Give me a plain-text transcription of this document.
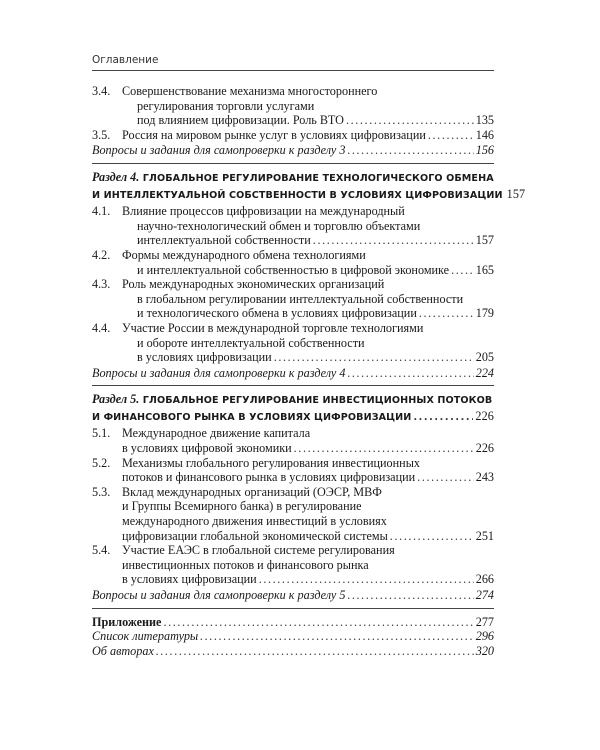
Оглавление
3.4. Совершенствование механизма многостороннего
регулирования торговли услугами
под влиянием цифровизации. Роль ВТО .....	135
3.5. Россия на мировом рынке услуг в условиях цифровизации .....	146
Вопросы и задания для самопроверки к разделу 3 .....	156
Раздел 4. ГЛОБАЛЬНОЕ РЕГУЛИРОВАНИЕ ТЕХНОЛОГИЧЕСКОГО ОБМЕНА
И ИНТЕЛЛЕКТУАЛЬНОЙ СОБСТВЕННОСТИ В УСЛОВИЯХ ЦИФРОВИЗАЦИИ 157
4.1. Влияние процессов цифровизации на международный
научно-технологический обмен и торговлю объектами
интеллектуальной собственности .....	157
4.2. Формы международного обмена технологиями
и интеллектуальной собственностью в цифровой экономике ..... 165
4.3. Роль международных экономических организаций
в глобальном регулировании интеллектуальной собственности
и технологического обмена в условиях цифровизации .....	179
4.4. Участие России в международной торговле технологиями
и обороте интеллектуальной собственности
в условиях цифровизации .....	205
Вопросы и задания для самопроверки к разделу 4 .....	224
Раздел 5. ГЛОБАЛЬНОЕ РЕГУЛИРОВАНИЕ ИНВЕСТИЦИОННЫХ ПОТОКОВ
И ФИНАНСОВОГО РЫНКА В УСЛОВИЯХ ЦИФРОВИЗАЦИИ .....	226
5.1. Международное движение капитала
в условиях цифровой экономики .....	226
5.2. Механизмы глобального регулирования инвестиционных
потоков и финансового рынка в условиях цифровизации .....	243
5.3. Вклад международных организаций (ОЭСР, МВФ
и Группы Всемирного банка) в регулирование
международного движения инвестиций в условиях
цифровизации глобальной экономической системы .....	251
5.4. Участие ЕАЭС в глобальной системе регулирования
инвестиционных потоков и финансового рынка
в условиях цифровизации .....	266
Вопросы и задания для самопроверки к разделу 5 .....	274
Приложение .....	277
Список литературы .....	296
Об авторах .....	320
